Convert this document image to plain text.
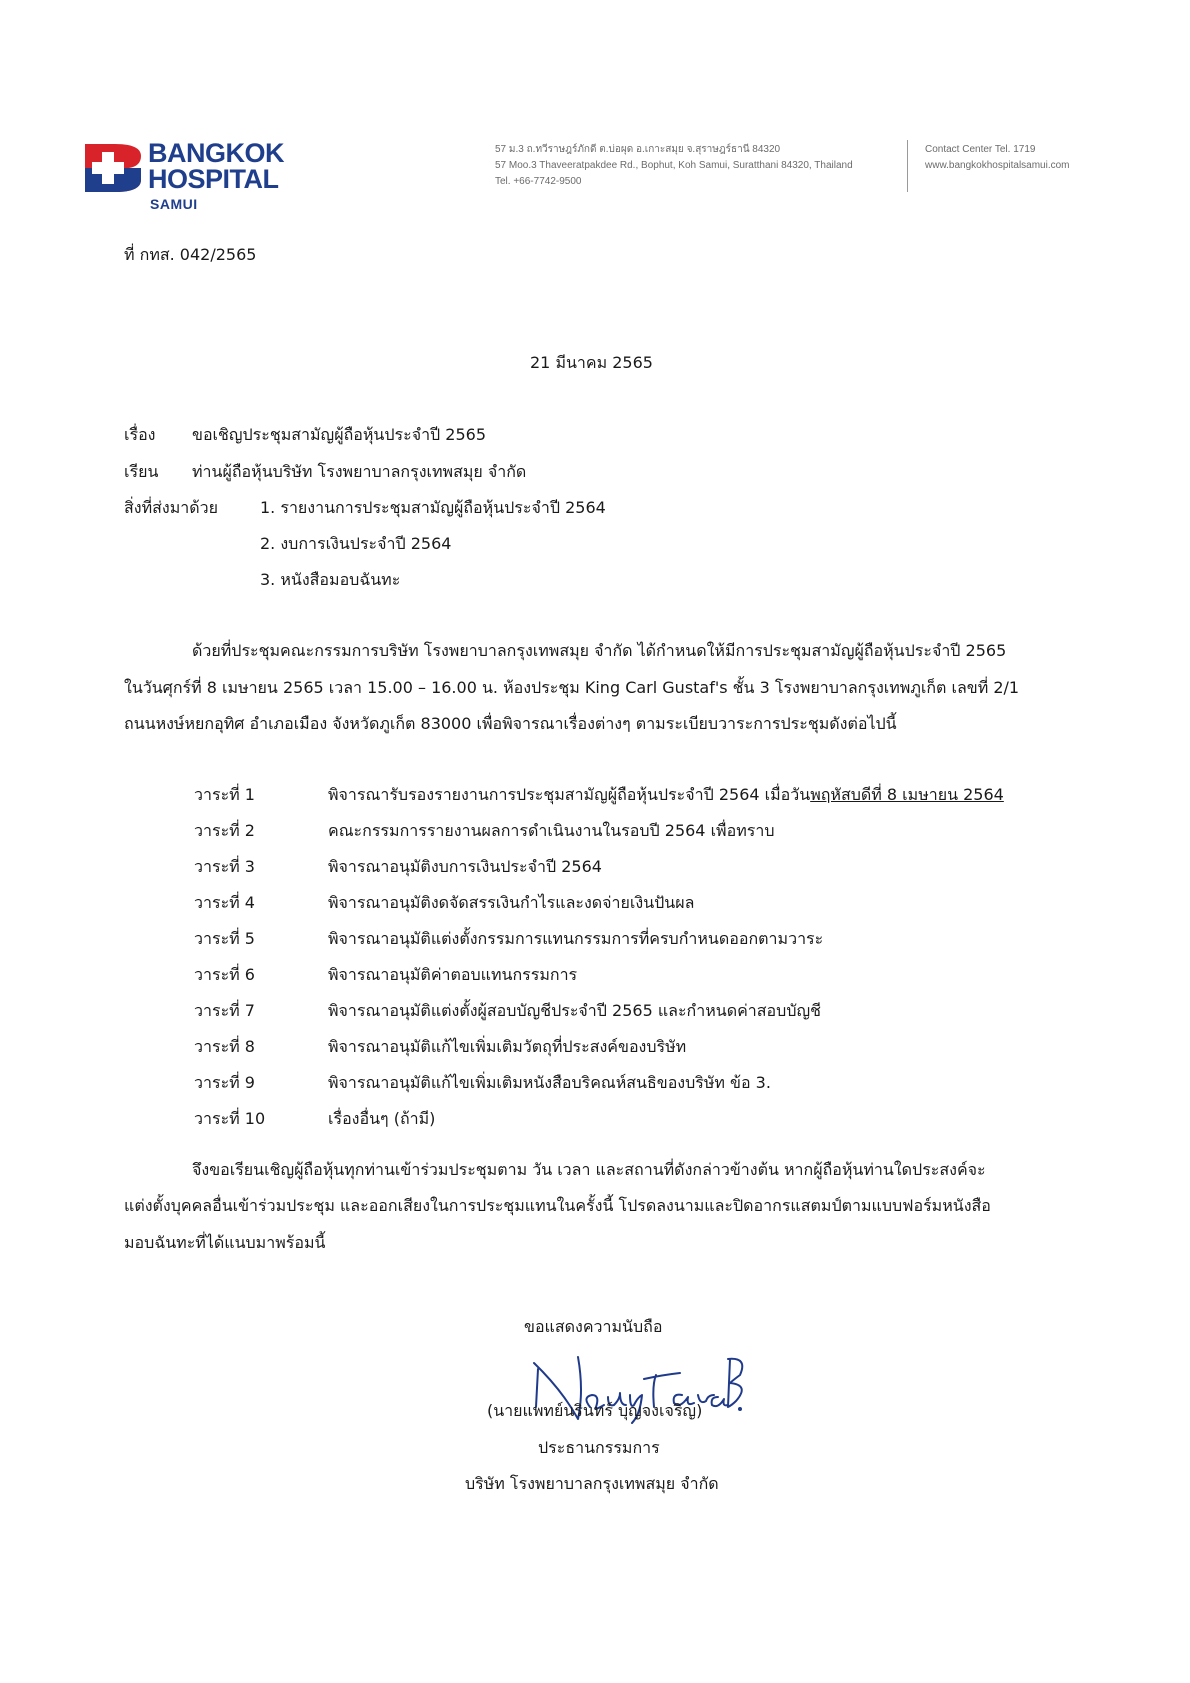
BANGKOK
HOSPITAL
SAMUI
57 ม.3 ถ.ทวีราษฎร์ภักดี ต.บ่อผุด อ.เกาะสมุย จ.สุราษฎร์ธานี 84320
57 Moo.3 Thaveeratpakdee Rd., Bophut, Koh Samui, Suratthani 84320, Thailand
Tel. +66-7742-9500
Contact Center Tel. 1719
www.bangkokhospitalsamui.com
ที่ กทส. 042/2565
21 มีนาคม 2565
เรื่อง ขอเชิญประชุมสามัญผู้ถือหุ้นประจำปี 2565
เรียน ท่านผู้ถือหุ้นบริษัท โรงพยาบาลกรุงเทพสมุย จำกัด
สิ่งที่ส่งมาด้วย	1. รายงานการประชุมสามัญผู้ถือหุ้นประจำปี 2564
2. งบการเงินประจำปี 2564
3. หนังสือมอบฉันทะ
ด้วยที่ประชุมคณะกรรมการบริษัท โรงพยาบาลกรุงเทพสมุย จำกัด ได้กำหนดให้มีการประชุมสามัญผู้ถือหุ้นประจำปี 2565
ในวันศุกร์ที่ 8 เมษายน 2565 เวลา 15.00 – 16.00 น. ห้องประชุม King Carl Gustaf's ชั้น 3 โรงพยาบาลกรุงเทพภูเก็ต เลขที่ 2/1
ถนนหงษ์หยกอุทิศ อำเภอเมือง จังหวัดภูเก็ต 83000 เพื่อพิจารณาเรื่องต่างๆ ตามระเบียบวาระการประชุมดังต่อไปนี้
วาระที่ 1	พิจารณารับรองรายงานการประชุมสามัญผู้ถือหุ้นประจำปี 2564 เมื่อวันพฤหัสบดีที่ 8 เมษายน 2564
วาระที่ 2	คณะกรรมการรายงานผลการดำเนินงานในรอบปี 2564 เพื่อทราบ
วาระที่ 3	พิจารณาอนุมัติงบการเงินประจำปี 2564
วาระที่ 4	พิจารณาอนุมัติงดจัดสรรเงินกำไรและงดจ่ายเงินปันผล
วาระที่ 5	พิจารณาอนุมัติแต่งตั้งกรรมการแทนกรรมการที่ครบกำหนดออกตามวาระ
วาระที่ 6	พิจารณาอนุมัติค่าตอบแทนกรรมการ
วาระที่ 7	พิจารณาอนุมัติแต่งตั้งผู้สอบบัญชีประจำปี 2565 และกำหนดค่าสอบบัญชี
วาระที่ 8	พิจารณาอนุมัติแก้ไขเพิ่มเติมวัตถุที่ประสงค์ของบริษัท
วาระที่ 9	พิจารณาอนุมัติแก้ไขเพิ่มเติมหนังสือบริคณห์สนธิของบริษัท ข้อ 3.
วาระที่ 10	เรื่องอื่นๆ (ถ้ามี)
จึงขอเรียนเชิญผู้ถือหุ้นทุกท่านเข้าร่วมประชุมตาม วัน เวลา และสถานที่ดังกล่าวข้างต้น หากผู้ถือหุ้นท่านใดประสงค์จะ
แต่งตั้งบุคคลอื่นเข้าร่วมประชุม และออกเสียงในการประชุมแทนในครั้งนี้ โปรดลงนามและปิดอากรแสตมป์ตามแบบฟอร์มหนังสือ
มอบฉันทะที่ได้แนบมาพร้อมนี้
ขอแสดงความนับถือ
(นายแพทย์นรินทร์ บุญจงเจริญ)
ประธานกรรมการ
บริษัท โรงพยาบาลกรุงเทพสมุย จำกัด
